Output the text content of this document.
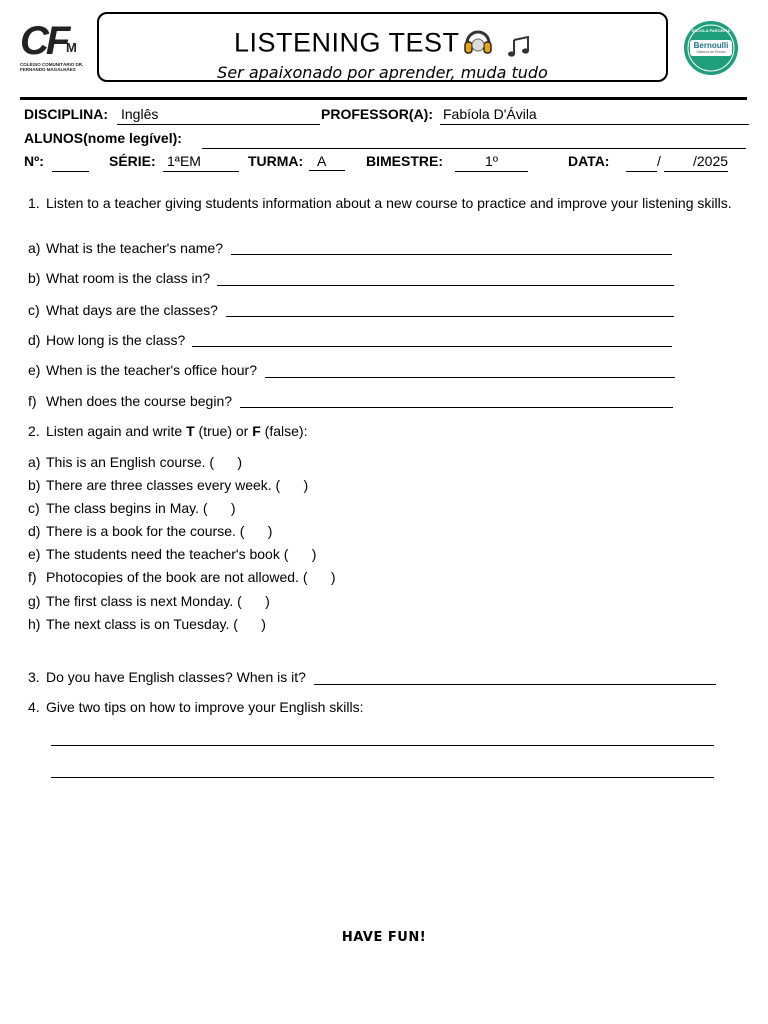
CF
M
COLÉGIO COMUNITÁRIO DR. FERNANDO MAGALHÃES
LISTENING TEST
Ser apaixonado por aprender, muda tudo
ESCOLA PARCEIRA
Bernoulli
Sistema de Ensino
DISCIPLINA: Inglês	PROFESSOR(A): Fabíola D'Ávila
ALUNOS(nome legível):
Nº:	SÉRIE: 1ªEM	TURMA: A	BIMESTRE:	1º	DATA:	/ /2025
1. Listen to a teacher giving students information about a new course to practice and improve your listening skills.
a) What is the teacher's name?
b) What room is the class in?
c) What days are the classes?
d) How long is the class?
e) When is the teacher's office hour?
f) When does the course begin?
2. Listen again and write T (true) or F (false):
a) This is an English course. (      )
b) There are three classes every week. (      )
c) The class begins in May. (      )
d) There is a book for the course. (      )
e) The students need the teacher's book (      )
f) Photocopies of the book are not allowed. (      )
g) The first class is next Monday. (      )
h) The next class is on Tuesday. (      )
3. Do you have English classes? When is it?
4. Give two tips on how to improve your English skills:
HAVE FUN!
